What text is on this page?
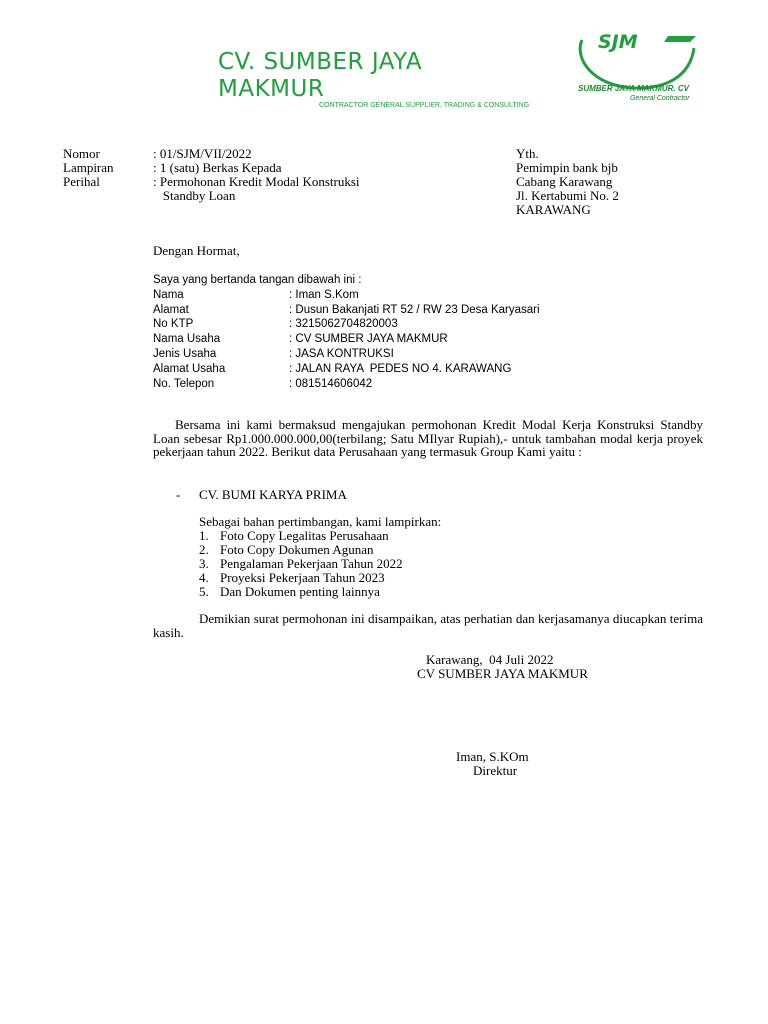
CV. SUMBER JAYA
MAKMUR
CONTRACTOR GENERAL SUPPLIER, TRADING & CONSULTING
SJM
SUMBER JAYA MAKMUR. CV
General Contractor
Nomor	: 01/SJM/VII/2022
Lampiran	: 1 (satu) Berkas Kepada
Perihal	: Permohonan Kredit Modal Konstruksi
Standby Loan
Yth.
Pemimpin bank bjb
Cabang Karawang
Jl. Kertabumi No. 2
KARAWANG
Dengan Hormat,
Saya yang bertanda tangan dibawah ini :
Nama	: Iman S.Kom
Alamat	: Dusun Bakanjati RT 52 / RW 23 Desa Karyasari
No KTP	: 3215062704820003
Nama Usaha	: CV SUMBER JAYA MAKMUR
Jenis Usaha	: JASA KONTRUKSI
Alamat Usaha	: JALAN RAYA  PEDES NO 4. KARAWANG
No. Telepon	: 081514606042
Bersama ini kami bermaksud mengajukan permohonan Kredit Modal Kerja Konstruksi Standby Loan sebesar Rp1.000.000.000,00(terbilang; Satu MIlyar Rupiah),- untuk tambahan modal kerja proyek pekerjaan tahun 2022. Berikut data Perusahaan yang termasuk Group Kami yaitu :
- CV. BUMI KARYA PRIMA
Sebagai bahan pertimbangan, kami lampirkan:
1. Foto Copy Legalitas Perusahaan
2. Foto Copy Dokumen Agunan
3. Pengalaman Pekerjaan Tahun 2022
4. Proyeksi Pekerjaan Tahun 2023
5. Dan Dokumen penting lainnya
Demikian surat permohonan ini disampaikan, atas perhatian dan kerjasamanya diucapkan terima kasih.
Karawang,  04 Juli 2022
CV SUMBER JAYA MAKMUR
Iman, S.KOm
Direktur
